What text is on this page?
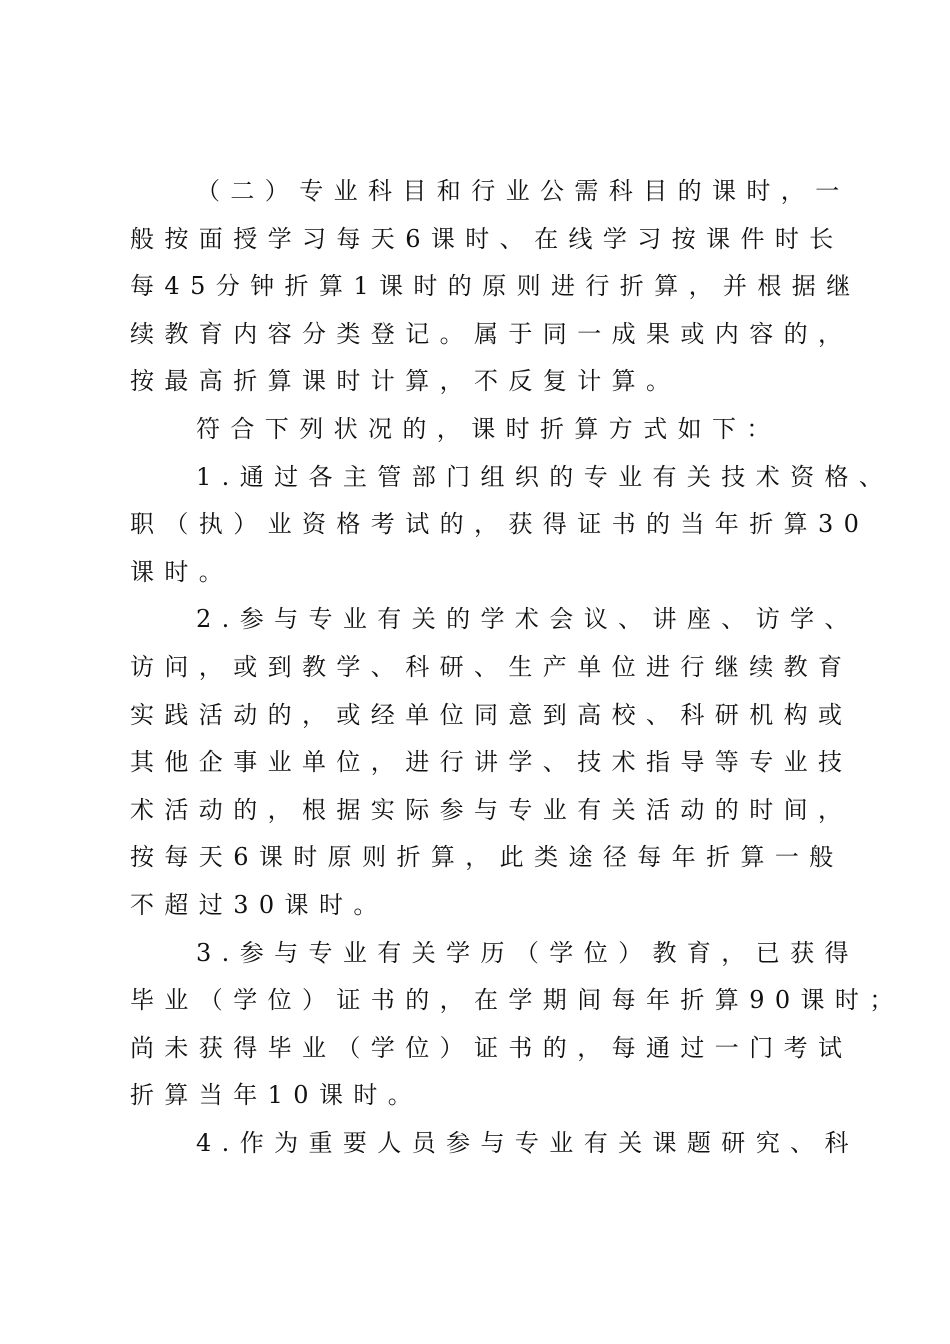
（二）专业科目和行业公需科目的课时，一
般按面授学习每天6课时、在线学习按课件时长
每45分钟折算1课时的原则进行折算，并根据继
续教育内容分类登记。属于同一成果或内容的，
按最高折算课时计算，不反复计算。
符合下列状况的，课时折算方式如下：
1.通过各主管部门组织的专业有关技术资格、
职（执）业资格考试的，获得证书的当年折算30
课时。
2.参与专业有关的学术会议、讲座、访学、
访问，或到教学、科研、生产单位进行继续教育
实践活动的，或经单位同意到高校、科研机构或
其他企事业单位，进行讲学、技术指导等专业技
术活动的，根据实际参与专业有关活动的时间，
按每天6课时原则折算，此类途径每年折算一般
不超过30课时。
3.参与专业有关学历（学位）教育，已获得
毕业（学位）证书的，在学期间每年折算90课时；
尚未获得毕业（学位）证书的，每通过一门考试
折算当年10课时。
4.作为重要人员参与专业有关课题研究、科
